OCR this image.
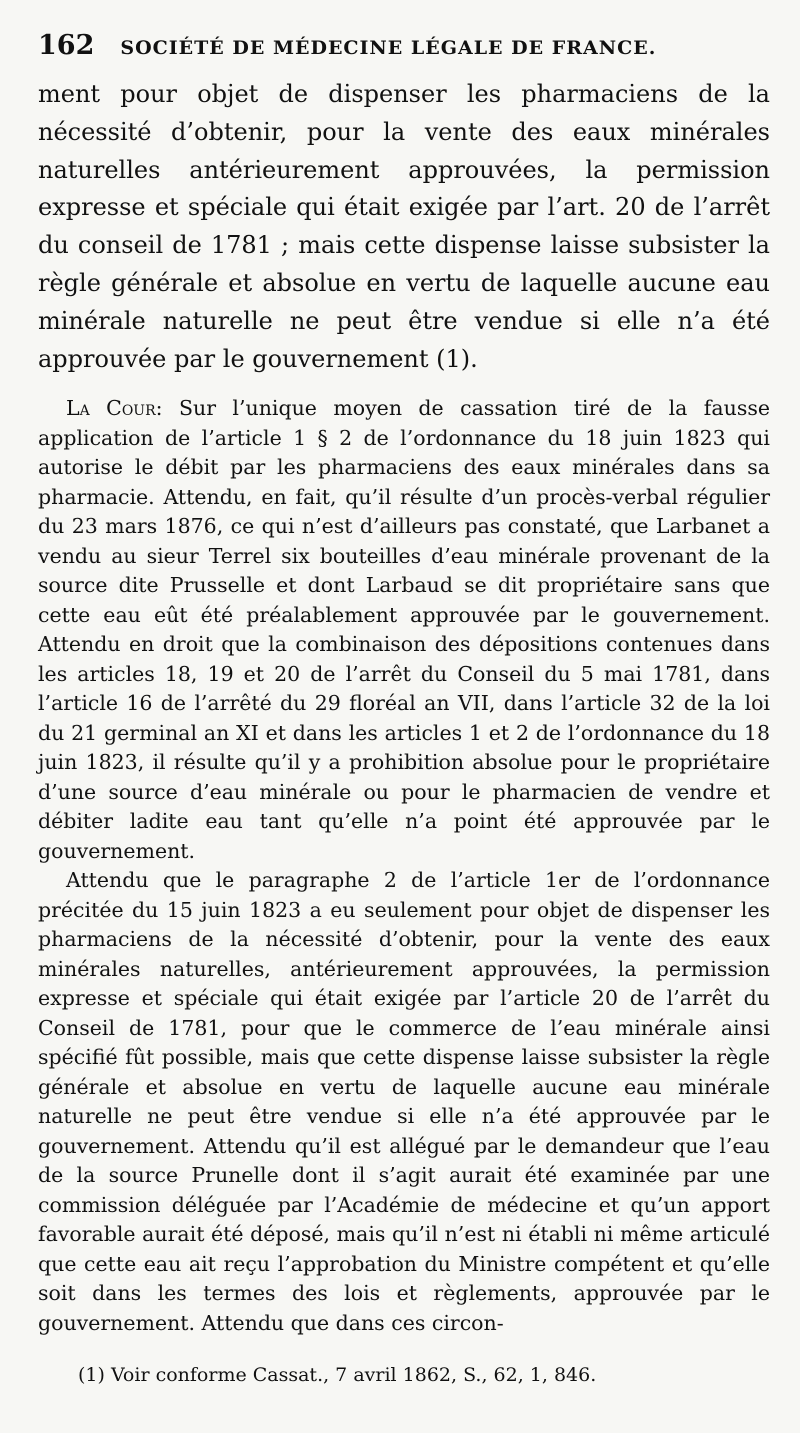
162 SOCIÉTÉ DE MÉDECINE LÉGALE DE FRANCE.

ment pour objet de dispenser les pharmaciens de la nécessité d’obtenir, pour la vente des eaux minérales naturelles antérieurement approuvées, la permission expresse et spéciale qui était exigée par l’art. 20 de l’arrêt du conseil de 1781 ; mais cette dispense laisse subsister la règle générale et absolue en vertu de laquelle aucune eau minérale naturelle ne peut être vendue si elle n’a été approuvée par le gouvernement (1).

La Cour: Sur l’unique moyen de cassation tiré de la fausse application de l’article 1 § 2 de l’ordonnance du 18 juin 1823 qui autorise le débit par les pharmaciens des eaux minérales dans sa pharmacie. Attendu, en fait, qu’il résulte d’un procès-verbal régulier du 23 mars 1876, ce qui n’est d’ailleurs pas constaté, que Larbanet a vendu au sieur Terrel six bouteilles d’eau minérale provenant de la source dite Prusselle et dont Larbaud se dit propriétaire sans que cette eau eût été préalablement approuvée par le gouvernement. Attendu en droit que la combinaison des dépositions contenues dans les articles 18, 19 et 20 de l’arrêt du Conseil du 5 mai 1781, dans l’article 16 de l’arrêté du 29 floréal an VII, dans l’article 32 de la loi du 21 germinal an XI et dans les articles 1 et 2 de l’ordonnance du 18 juin 1823, il résulte qu’il y a prohibition absolue pour le propriétaire d’une source d’eau minérale ou pour le pharmacien de vendre et débiter ladite eau tant qu’elle n’a point été approuvée par le gouvernement.

Attendu que le paragraphe 2 de l’article 1er de l’ordonnance précitée du 15 juin 1823 a eu seulement pour objet de dispenser les pharmaciens de la nécessité d’obtenir, pour la vente des eaux minérales naturelles, antérieurement approuvées, la permission expresse et spéciale qui était exigée par l’article 20 de l’arrêt du Conseil de 1781, pour que le commerce de l’eau minérale ainsi spécifié fût possible, mais que cette dispense laisse subsister la règle générale et absolue en vertu de laquelle aucune eau minérale naturelle ne peut être vendue si elle n’a été approuvée par le gouvernement. Attendu qu’il est allégué par le demandeur que l’eau de la source Prunelle dont il s’agit aurait été examinée par une commission déléguée par l’Académie de médecine et qu’un apport favorable aurait été déposé, mais qu’il n’est ni établi ni même articulé que cette eau ait reçu l’approbation du Ministre compétent et qu’elle soit dans les termes des lois et règlements, approuvée par le gouvernement. Attendu que dans ces circon-

(1) Voir conforme Cassat., 7 avril 1862, S., 62, 1, 846.
